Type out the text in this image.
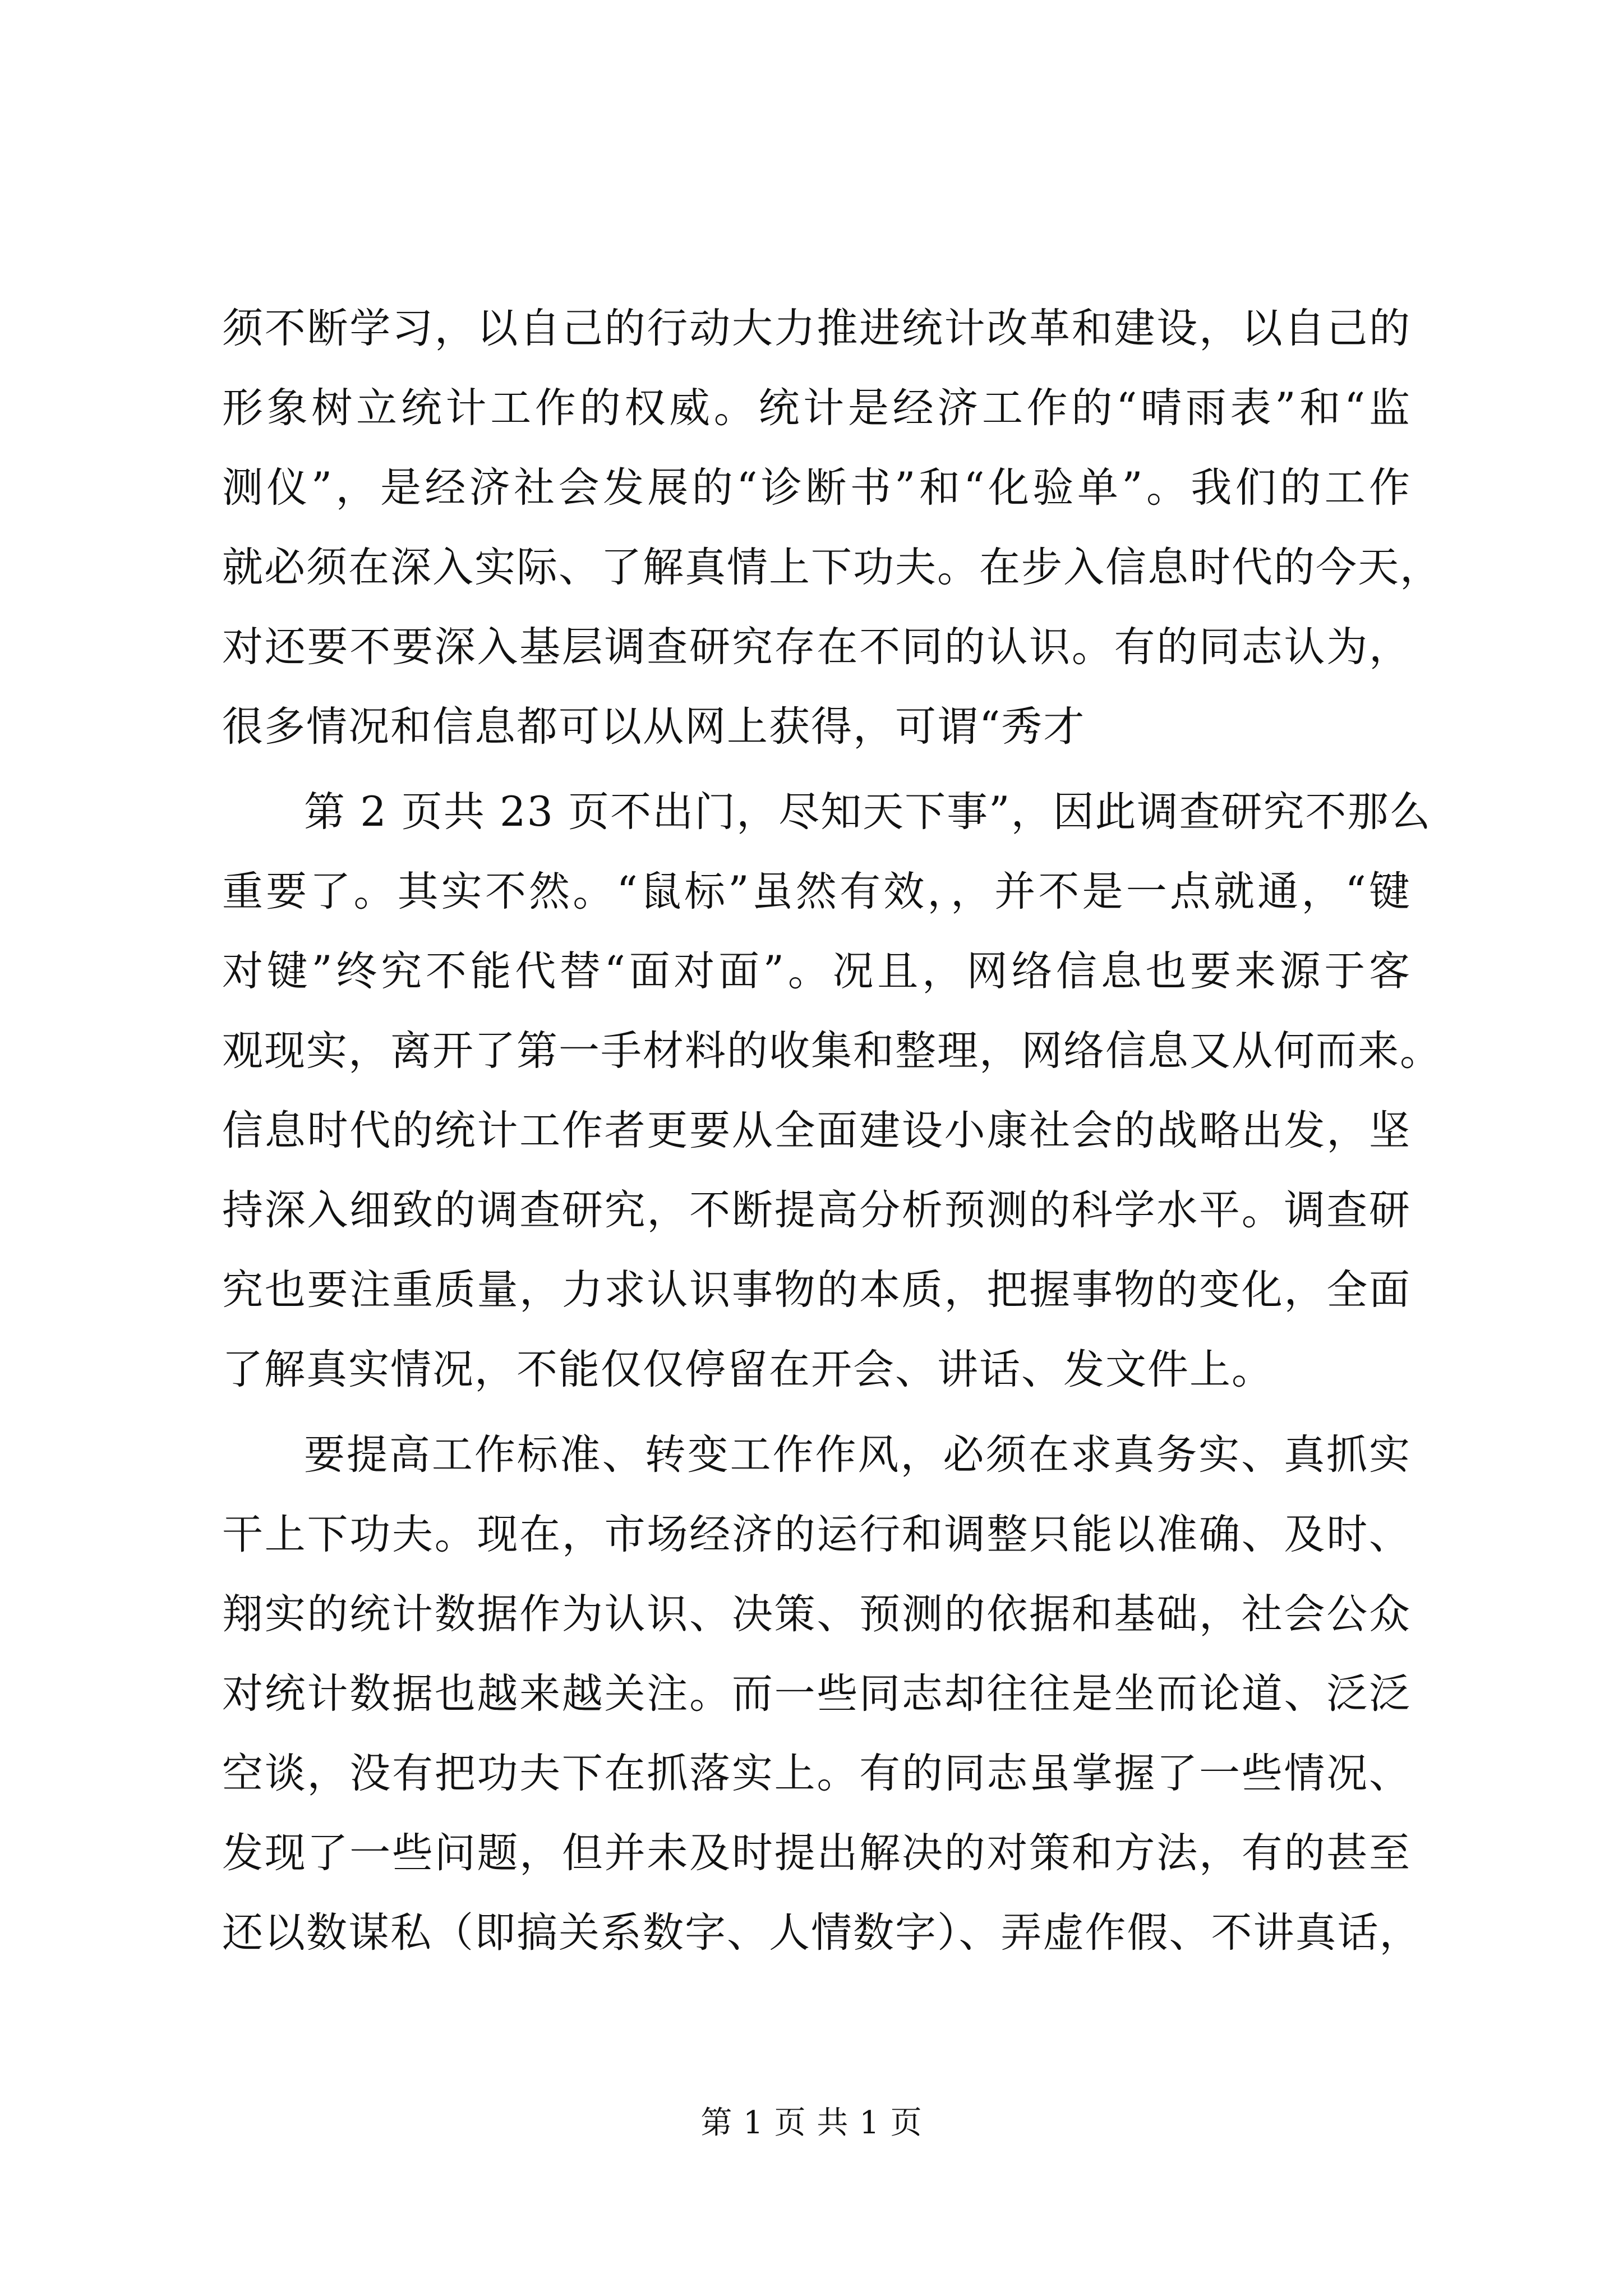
须不断学习，以自己的行动大力推进统计改革和建设，以自己的
形象树立统计工作的权威。统计是经济工作的“晴雨表”和“监
测仪”，是经济社会发展的“诊断书”和“化验单”。我们的工作
就必须在深入实际、了解真情上下功夫。在步入信息时代的今天，
对还要不要深入基层调查研究存在不同的认识。有的同志认为，
很多情况和信息都可以从网上获得，可谓“秀才
第 2 页共 23 页不出门，尽知天下事”，因此调查研究不那么
重要了。其实不然。“鼠标”虽然有效，，并不是一点就通，“键
对键”终究不能代替“面对面”。况且，网络信息也要来源于客
观现实，离开了第一手材料的收集和整理，网络信息又从何而来。
信息时代的统计工作者更要从全面建设小康社会的战略出发，坚
持深入细致的调查研究，不断提高分析预测的科学水平。调查研
究也要注重质量，力求认识事物的本质，把握事物的变化，全面
了解真实情况，不能仅仅停留在开会、讲话、发文件上。
要提高工作标准、转变工作作风，必须在求真务实、真抓实
干上下功夫。现在，市场经济的运行和调整只能以准确、及时、
翔实的统计数据作为认识、决策、预测的依据和基础，社会公众
对统计数据也越来越关注。而一些同志却往往是坐而论道、泛泛
空谈，没有把功夫下在抓落实上。有的同志虽掌握了一些情况、
发现了一些问题，但并未及时提出解决的对策和方法，有的甚至
还以数谋私（即搞关系数字、人情数字）、弄虚作假、不讲真话，
第 1 页 共 1 页
